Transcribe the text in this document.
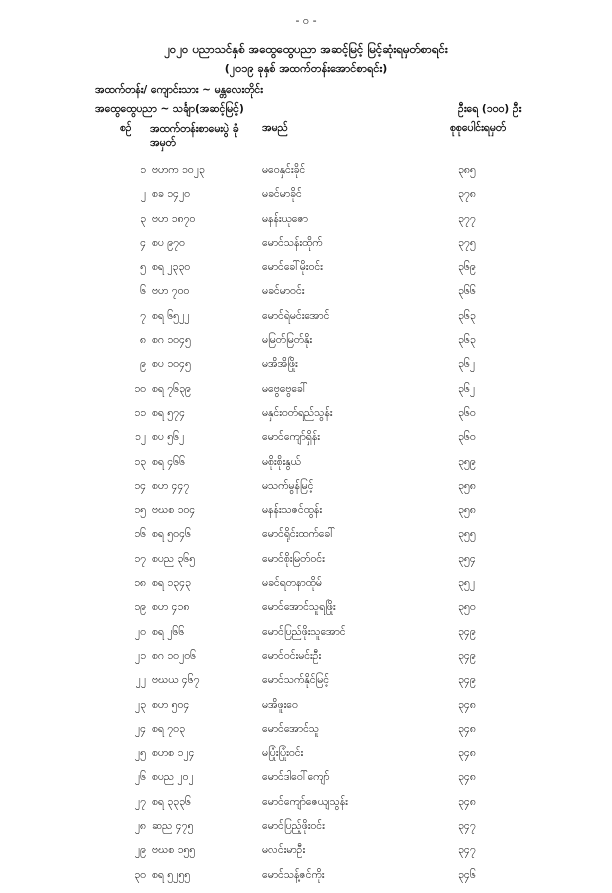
- ၀ -
၂၀၂၀ ပညာသင်နှစ် အထွေထွေပညာ အဆင့်မြင့် မြင့်ဆုံးရမှတ်စာရင်း
(၂၀၁၉ ခုနှစ် အထက်တန်းအောင်စာရင်း)
အထက်တန်း/ ကျောင်းသား ~ မန္တလေးတိုင်း
အထွေထွေပညာ ~ သင်္ချာ(အဆင့်မြင့်)	ဦးရေ (၁၀၀) ဦး
စဉ် အထက်တန်းစာမေးပွဲ ခုံအမှတ်
အမည်	စုစုပေါင်းရမှတ်
၁ ဗဟက ၁၀၂၃	မဝေနှင်းခိုင်	၃၈၅
၂ စခ ၁၄၂၀	မခင်မာခိုင်	၃၇၈
၃ ဗဟ ၁၈၇၀	မနန်းယုဇော	၃၇၇
၄ စပ ၉၇၀	မောင်သန်းထိုက်	၃၇၅
၅ စရ ၂၃၃၀	မောင်ခေါ်မိုးဝင်း	၃၆၉
၆ ဗဟ ၇၀၀	မခင်မာဝင်း	၃၆၆
၇ စရ ၆၅၂၂	မောင်ရဲမင်းအောင်	၃၆၃
၈ စဂ ၁၀၄၅	မမြတ်မြတ်နိုး	၃၆၃
၉ စပ ၁၀၄၅	မအိအိဖြိုး	၃၆၂
၁၀ စရ ၇၆၃၉	မဗွေဗွေခေါ်	၃၆၂
၁၁ စရ ၅၇၄	မနှင်းဝတ်ရည်သွန်း	၃၆၀
၁၂ စပ ၅၆၂	မောင်ကျော်ရှိန်း	၃၆၀
၁၃ စရ ၄၆၆	မစိုးစိုးနွယ်	၃၅၉
၁၄ စဟ ၄၄၇	မသက်မွန်မြင့်	၃၅၈
၁၅ ဗဃစ ၁၀၄	မနန်းသဇင်ထွန်း	၃၅၈
၁၆ စရ ၅၀၄၆	မောင်ရိုင်းထက်ခေါ်	၃၅၅
၁၇ စပည ၃၆၅	မောင်စိုးမြတ်ဝင်း	၃၅၄
၁၈ စရ ၁၃၄၃	မခင်ရတနာထိုမ်	၃၅၂
၁၉ စဟ ၄၁၈	မောင်အောင်သူရဖြိုး	၃၅၀
၂၀ စရ ၂၆၆	မောင်ပြည်ဖိုးသူအောင်	၃၄၉
၂၁ စဂ ၁၀၂၀၆	မောင်ဝင်းမင်းဦး	၃၄၉
၂၂ ဗဃယ ၄၆၇	မောင်သက်နိုင်မြင့်	၃၄၉
၂၃ စဟ ၅၀၄	မအိဖူးဝေ	၃၄၈
၂၄ စရ ၇၀၃	မောင်အောင်သူ	၃၄၈
၂၅ စဟစ ၁၂၄	မပြုံးပြုံးဝင်း	၃၄၈
၂၆ စပည ၂၀၂	မောင်ဒါဝေါ်ကျော်	၃၄၈
၂၇ စရ ၃၃၃၆	မောင်ကျော်ဇေယျသွန်း	၃၄၈
၂၈ ဆည ၄၇၅	မောင်ပြည့်ဖိုးဝင်း	၃၄၇
၂၉ ဗဃစ ၁၅၅	မလင်းမာဦး	၃၄၇
၃၀ စရ ၅၂၅၅	မောင်သန့်ဇင်ကိုး	၃၄၆
